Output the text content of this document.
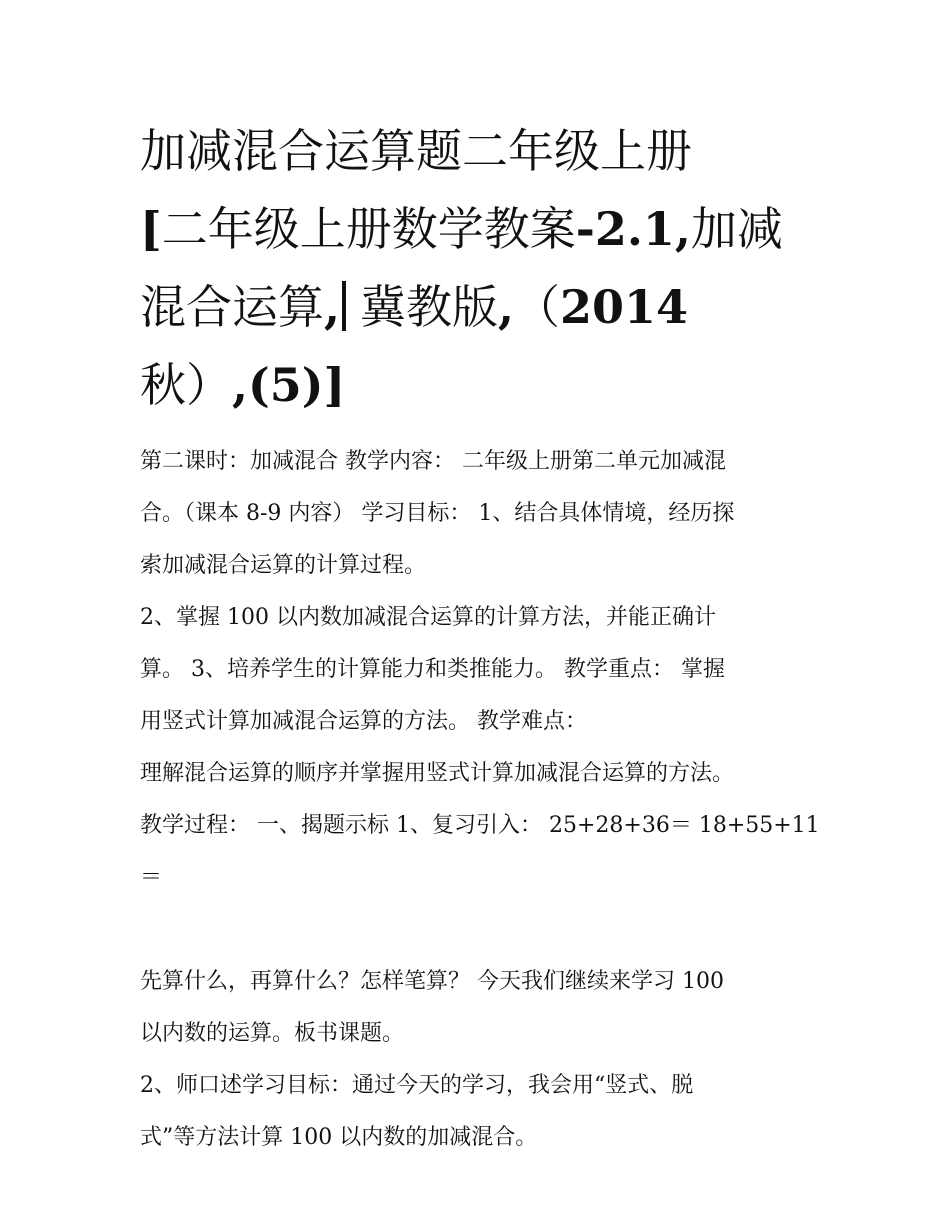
加减混合运算题二年级上册
[二年级上册数学教案-2.1,加减
混合运算, 冀教版,（2014
秋）,(5)]
第二课时：加减混合 教学内容： 二年级上册第二单元加减混
合。（课本 8-9 内容） 学习目标： 1、结合具体情境，经历探
索加减混合运算的计算过程。
2、掌握 100 以内数加减混合运算的计算方法，并能正确计
算。 3、培养学生的计算能力和类推能力。 教学重点： 掌握
用竖式计算加减混合运算的方法。 教学难点：
理解混合运算的顺序并掌握用竖式计算加减混合运算的方法。
教学过程： 一、揭题示标 1、复习引入： 25+28+36＝ 18+55+11
＝
先算什么，再算什么？怎样笔算？ 今天我们继续来学习 100
以内数的运算。板书课题。
2、师口述学习目标：通过今天的学习，我会用“竖式、脱
式”等方法计算 100 以内数的加减混合。
